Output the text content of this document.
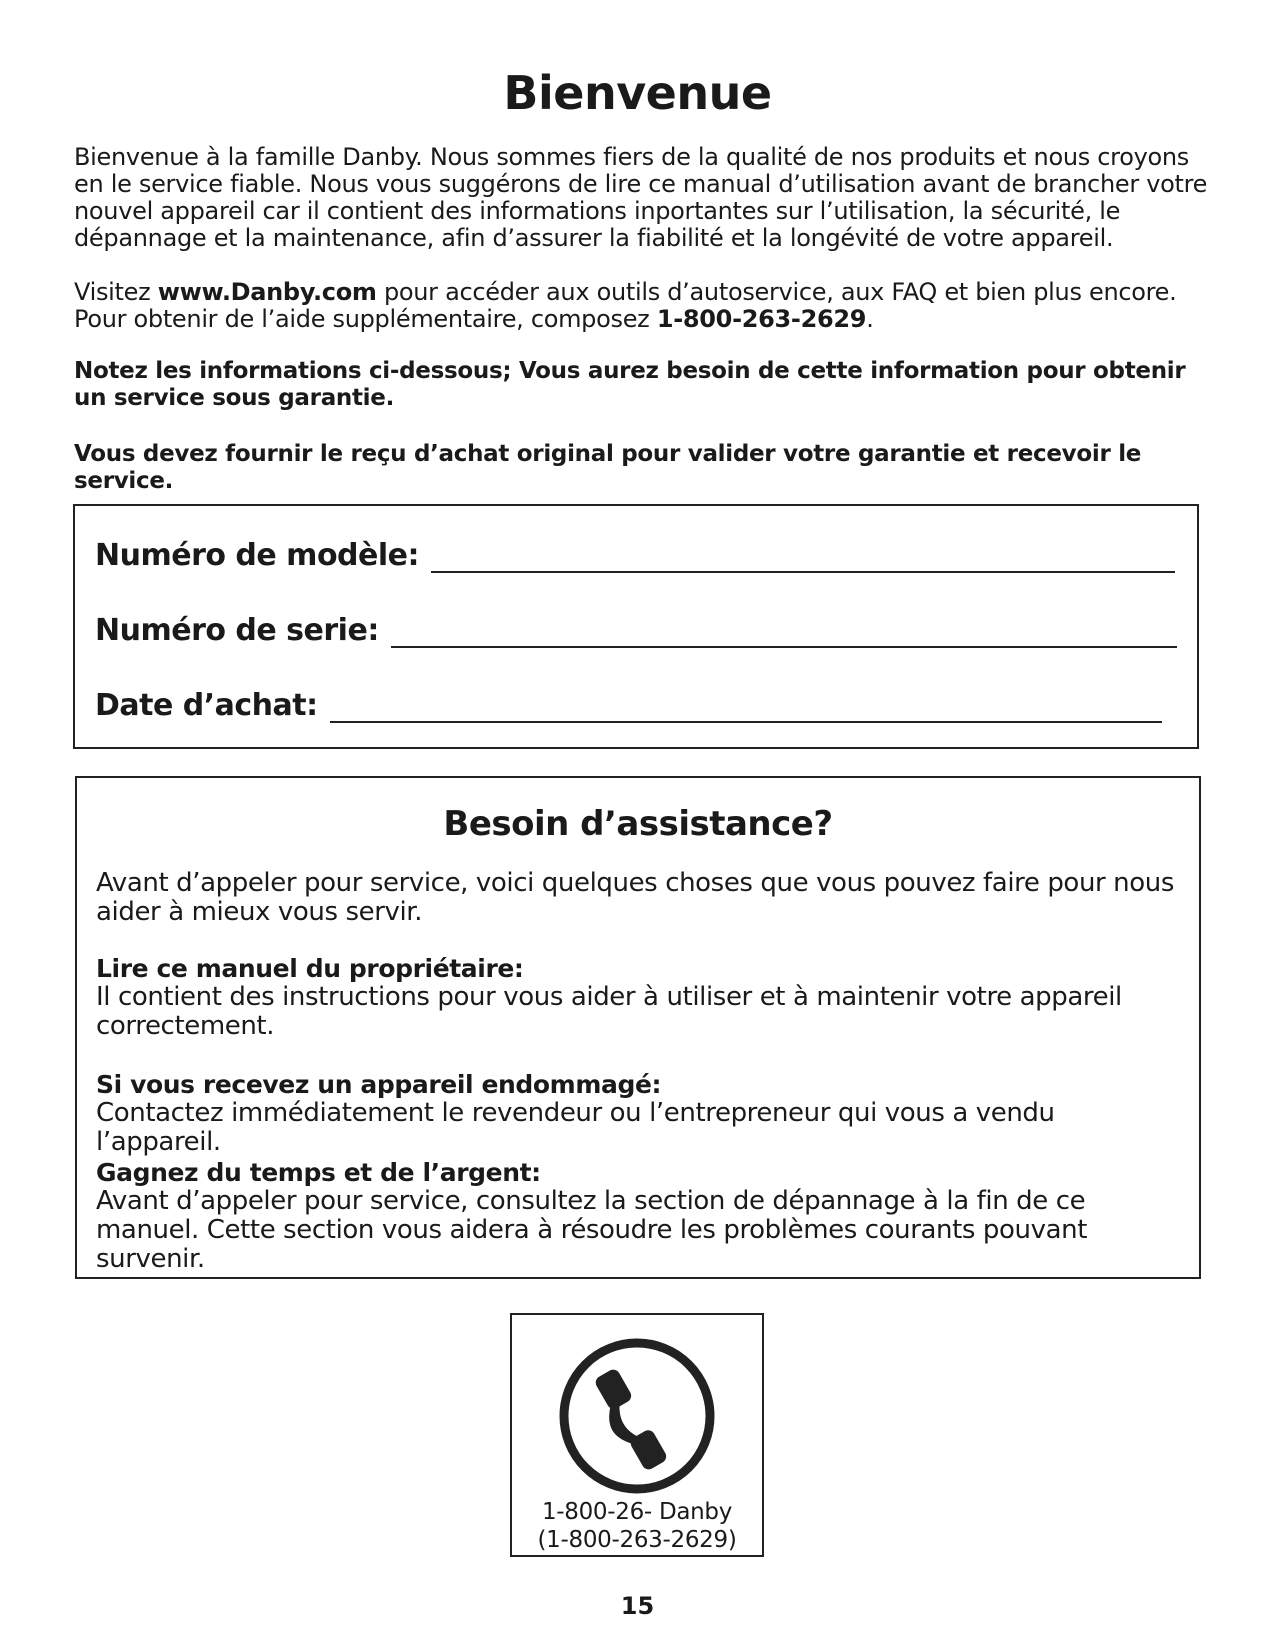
Bienvenue

Bienvenue à la famille Danby. Nous sommes fiers de la qualité de nos produits et nous croyons en le service fiable. Nous vous suggérons de lire ce manual d’utilisation avant de brancher votre nouvel appareil car il contient des informations inportantes sur l’utilisation, la sécurité, le dépannage et la maintenance, afin d’assurer la fiabilité et la longévité de votre appareil.

Visitez www.Danby.com pour accéder aux outils d’autoservice, aux FAQ et bien plus encore. Pour obtenir de l’aide supplémentaire, composez 1-800-263-2629.

Notez les informations ci-dessous; Vous aurez besoin de cette information pour obtenir un service sous garantie.

Vous devez fournir le reçu d’achat original pour valider votre garantie et recevoir le service.

Numéro de modèle:
Numéro de serie:
Date d’achat:
Besoin d’assistance?

Avant d’appeler pour service, voici quelques choses que vous pouvez faire pour nous aider à mieux vous servir.

Lire ce manuel du propriétaire:
Il contient des instructions pour vous aider à utiliser et à maintenir votre appareil correctement.

Si vous recevez un appareil endommagé:
Contactez immédiatement le revendeur ou l’entrepreneur qui vous a vendu l’appareil.

Gagnez du temps et de l’argent:
Avant d’appeler pour service, consultez la section de dépannage à la fin de ce manuel. Cette section vous aidera à résoudre les problèmes courants pouvant survenir.

1-800-26- Danby
(1-800-263-2629)
15
